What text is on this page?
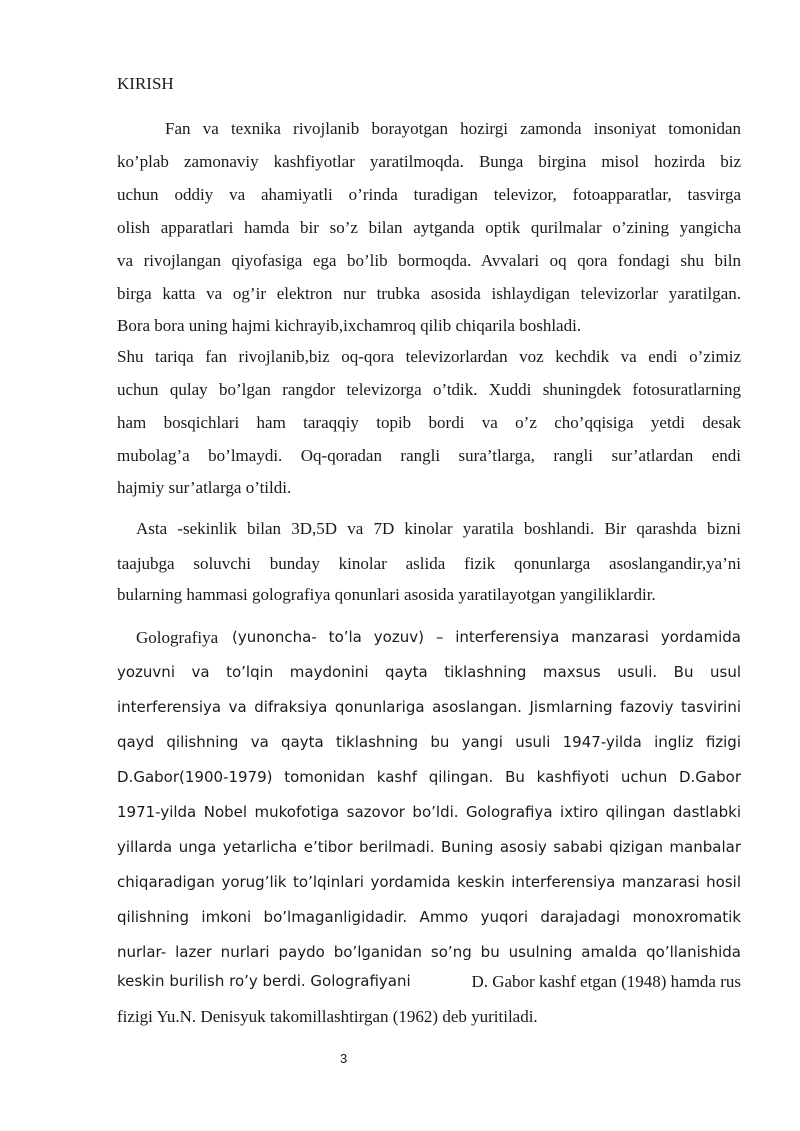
KIRISH
Fan va texnika rivojlanib borayotgan hozirgi zamonda insoniyat tomonidan
ko’plab zamonaviy kashfiyotlar yaratilmoqda. Bunga birgina misol hozirda biz
uchun oddiy va ahamiyatli o’rinda turadigan televizor, fotoapparatlar, tasvirga
olish apparatlari hamda bir so’z bilan aytganda optik qurilmalar o’zining yangicha
va rivojlangan qiyofasiga ega bo’lib bormoqda. Avvalari oq qora fondagi shu biln
birga katta va og’ir elektron nur trubka asosida ishlaydigan televizorlar yaratilgan.
Bora bora uning hajmi kichrayib,ixchamroq qilib chiqarila boshladi.
Shu tariqa fan rivojlanib,biz oq-qora televizorlardan voz kechdik va endi o’zimiz
uchun qulay bo’lgan rangdor televizorga o’tdik. Xuddi shuningdek fotosuratlarning
ham bosqichlari ham taraqqiy topib bordi va o’z cho’qqisiga yetdi desak
mubolag’a bo’lmaydi. Oq-qoradan rangli sura’tlarga, rangli sur’atlardan endi
hajmiy sur’atlarga o’tildi.
Asta -sekinlik bilan 3D,5D va 7D kinolar yaratila boshlandi. Bir qarashda bizni
taajubga soluvchi bunday kinolar aslida fizik qonunlarga asoslangandir,ya’ni
bularning hammasi golografiya qonunlari asosida yaratilayotgan yangiliklardir.
Golografiya (yunoncha- to’la yozuv) – interferensiya manzarasi yordamida
yozuvni va to’lqin maydonini qayta tiklashning maxsus usuli. Bu usul
interferensiya va difraksiya qonunlariga asoslangan. Jismlarning fazoviy tasvirini
qayd qilishning va qayta tiklashning bu yangi usuli 1947-yilda ingliz fizigi
D.Gabor(1900-1979) tomonidan kashf qilingan. Bu kashfiyoti uchun D.Gabor
1971-yilda Nobel mukofotiga sazovor bo’ldi. Golografiya ixtiro qilingan dastlabki
yillarda unga yetarlicha e’tibor berilmadi. Buning asosiy sababi qizigan manbalar
chiqaradigan yorug’lik to’lqinlari yordamida keskin interferensiya manzarasi hosil
qilishning imkoni bo’lmaganligidadir. Ammo yuqori darajadagi monoxromatik
nurlar- lazer nurlari paydo bo’lganidan so’ng bu usulning amalda qo’llanishida
keskin burilish ro’y berdi. Golografiyani	D. Gabor kashf etgan (1948) hamda rus
fizigi Yu.N. Denisyuk takomillashtirgan (1962) deb yuritiladi.
3
